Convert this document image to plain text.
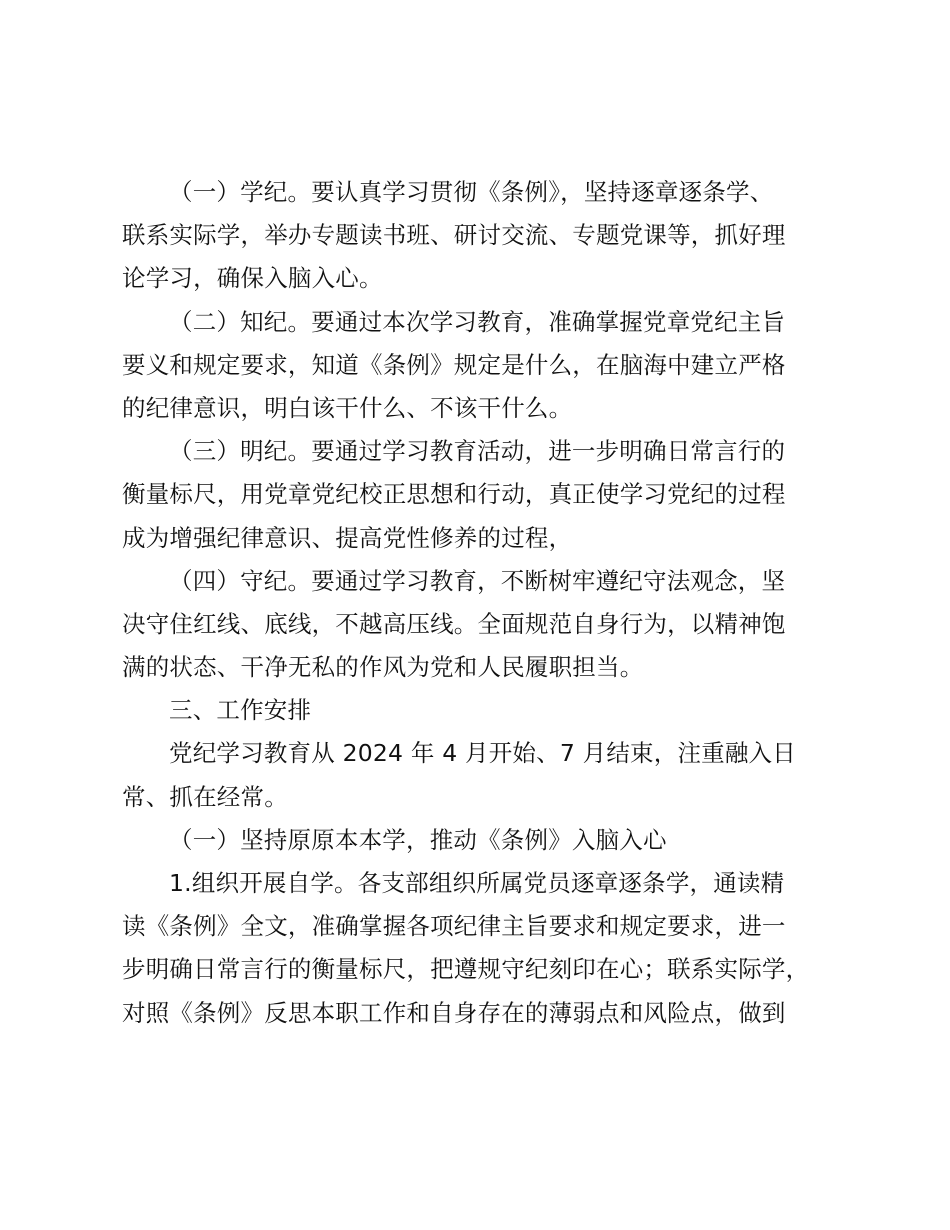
（一）学纪。要认真学习贯彻《条例》，坚持逐章逐条学、
联系实际学，举办专题读书班、研讨交流、专题党课等，抓好理
论学习，确保入脑入心。

（二）知纪。要通过本次学习教育，准确掌握党章党纪主旨
要义和规定要求，知道《条例》规定是什么，在脑海中建立严格
的纪律意识，明白该干什么、不该干什么。

（三）明纪。要通过学习教育活动，进一步明确日常言行的
衡量标尺，用党章党纪校正思想和行动，真正使学习党纪的过程
成为增强纪律意识、提高党性修养的过程，

（四）守纪。要通过学习教育，不断树牢遵纪守法观念，坚
决守住红线、底线，不越高压线。全面规范自身行为，以精神饱
满的状态、干净无私的作风为党和人民履职担当。

三、工作安排

党纪学习教育从 2024 年 4 月开始、7 月结束，注重融入日
常、抓在经常。

（一）坚持原原本本学，推动《条例》入脑入心

1.组织开展自学。各支部组织所属党员逐章逐条学，通读精
读《条例》全文，准确掌握各项纪律主旨要求和规定要求，进一
步明确日常言行的衡量标尺，把遵规守纪刻印在心；联系实际学，
对照《条例》反思本职工作和自身存在的薄弱点和风险点，做到
